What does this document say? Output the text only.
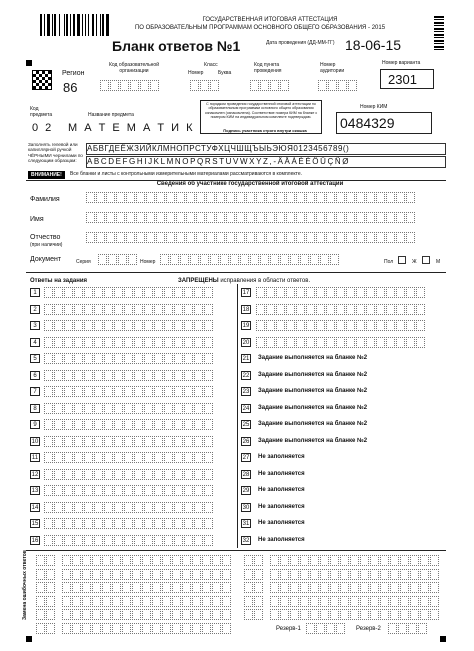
ГОСУДАРСТВЕННАЯ ИТОГОВАЯ АТТЕСТАЦИЯ
ПО ОБРАЗОВАТЕЛЬНЫМ ПРОГРАММАМ ОСНОВНОГО ОБЩЕГО ОБРАЗОВАНИЯ - 2015
Бланк ответов №1	Дата проведения (ДД-ММ-ГГ) 18-06-15
Регион
86
Код образовательной организации
Класс
Номер	Буква
Код пункта проведения
Номер аудитории
Номер варианта
2301
Код предмета
0 2
Название предмета
М А Т Е М А Т И К
С порядком проведения государственной итоговой аттестации по образовательным программам основного общего образования ознакомлен (ознакомлена). Соответствие номера КИМ на бланке с номером КИМ на индивидуальном комплекте подтверждаю.
Подпись участника строго внутри окошка
Номер КИМ
0484329
Заполнять гелевой или капиллярной ручкой ЧЁРНЫМИ чернилами по следующим образцам:
АБВГДЕЁЖЗИЙКЛМНОПРСТУФХЦЧШЩЪЫЬЭЮЯ0123456789()
ABCDEFGHIJKLMNOPQRSTUVWXYZ,-ÄÅÀÉÈÖÜÇÑØ
ВНИМАНИЕ!	Все бланки и листы с контрольными измерительными материалами рассматриваются в комплекте.
Сведения об участнике государственной итоговой аттестации
Фамилия
Имя
Отчество
(при наличии)
Документ	Серия	Номер	Пол	Ж	М
Ответы на задания	ЗАПРЕЩЕНЫ исправления в области ответов.
1	17
2	18
3	19
4	20
5	21 Задание выполняется на бланке №2
6	22 Задание выполняется на бланке №2
7	23 Задание выполняется на бланке №2
8	24 Задание выполняется на бланке №2
9	25 Задание выполняется на бланке №2
10	26 Задание выполняется на бланке №2
11	27 Не заполняется
12	28 Не заполняется
13	29 Не заполняется
14	30 Не заполняется
15	31 Не заполняется
16	32 Не заполняется
Замена ошибочных ответов
Резерв-1	Резерв-2
